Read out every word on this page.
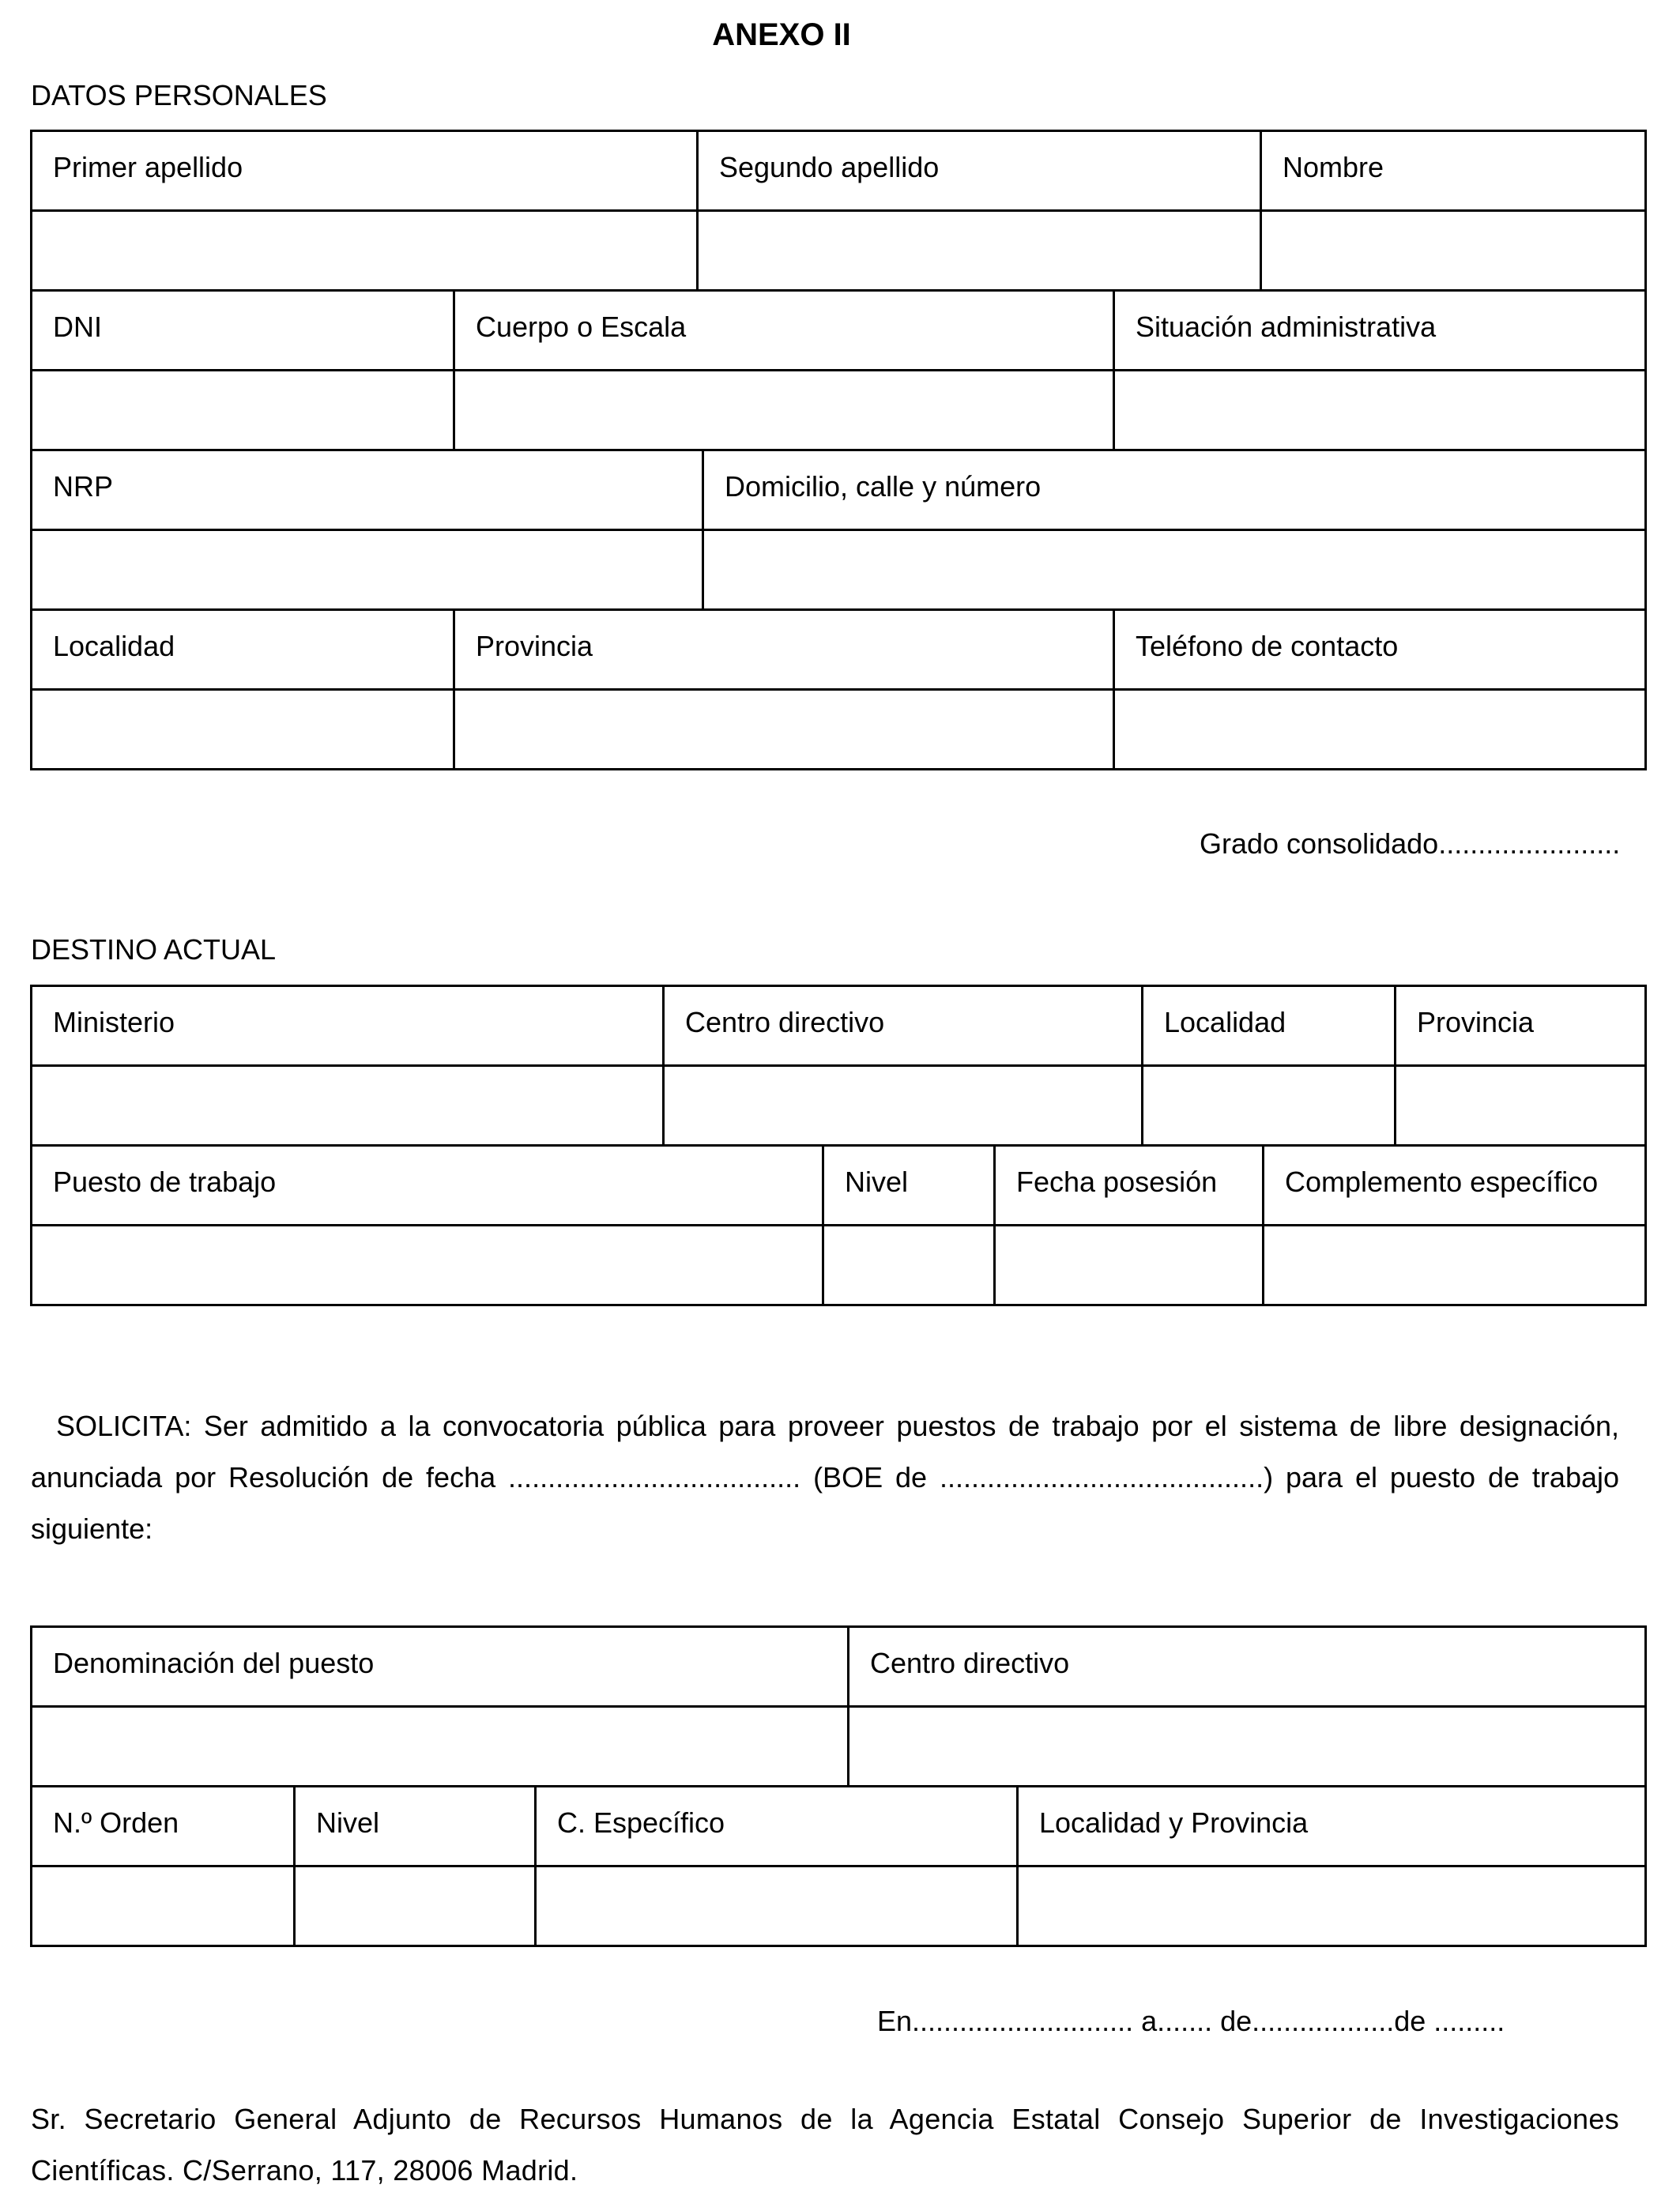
ANEXO II
DATOS PERSONALES
Primer apellido	Segundo apellido	Nombre
DNI	Cuerpo o Escala	Situación administrativa
NRP	Domicilio, calle y número
Localidad	Provincia	Teléfono de contacto
Grado consolidado.......................
DESTINO ACTUAL
Ministerio	Centro directivo	Localidad	Provincia
Puesto de trabajo	Nivel	Fecha posesión	Complemento específico

SOLICITA: Ser admitido a la convocatoria pública para proveer puestos de trabajo por el sistema de libre designación,

anunciada por Resolución de fecha ..................................... (BOE de .........................................) para el puesto de trabajo

siguiente:

Denominación del puesto	Centro directivo
N.º Orden	Nivel	C. Específico	Localidad y Provincia
En............................ a....... de..................de .........
Sr. Secretario General Adjunto de Recursos Humanos de la Agencia Estatal Consejo Superior de Investigaciones Científicas. C/Serrano, 117, 28006 Madrid.
